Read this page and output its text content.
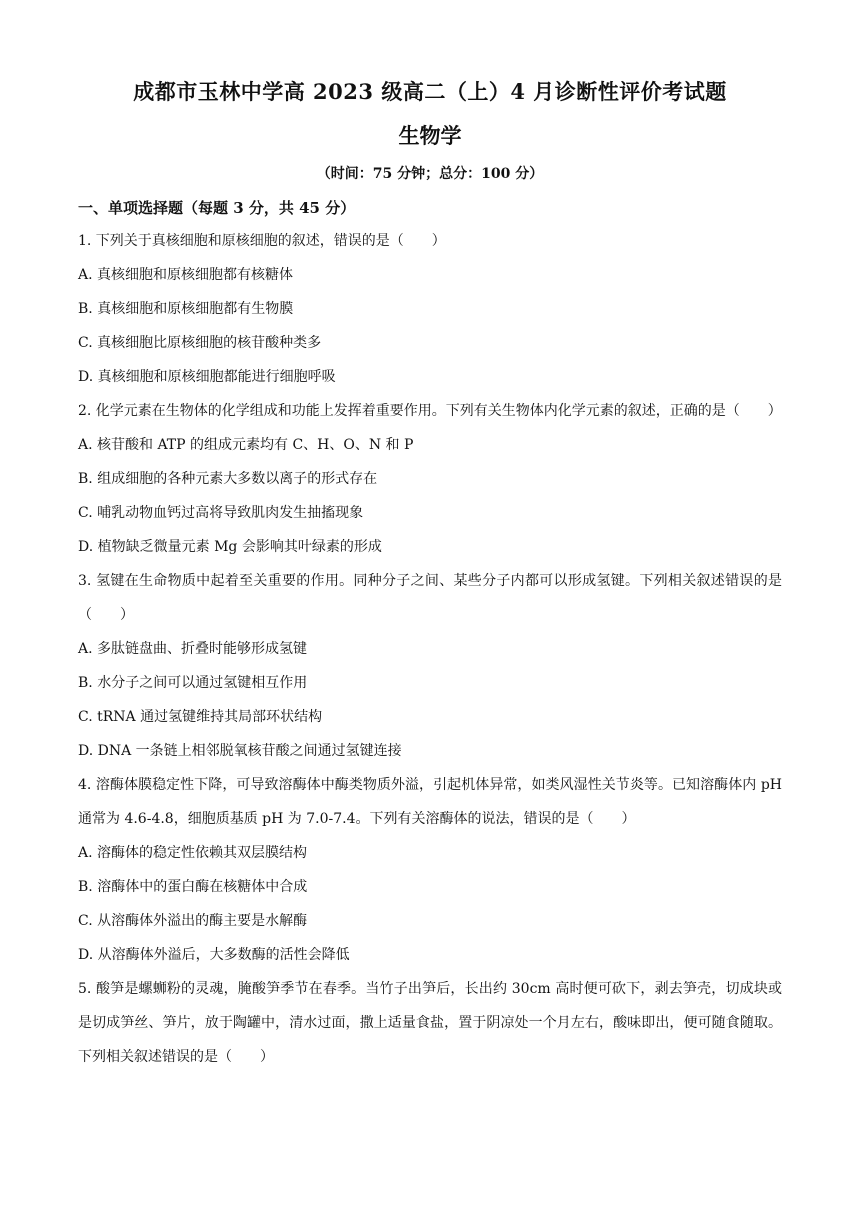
成都市玉林中学高 2023 级高二（上）4 月诊断性评价考试题
生物学
（时间：75 分钟；总分：100 分）
一、单项选择题（每题 3 分，共 45 分）

1. 下列关于真核细胞和原核细胞的叙述，错误的是（　　）

A. 真核细胞和原核细胞都有核糖体

B. 真核细胞和原核细胞都有生物膜

C. 真核细胞比原核细胞的核苷酸种类多

D. 真核细胞和原核细胞都能进行细胞呼吸

2. 化学元素在生物体的化学组成和功能上发挥着重要作用。下列有关生物体内化学元素的叙述，正确的是（　　）

A. 核苷酸和 ATP 的组成元素均有 C、H、O、N 和 P

B. 组成细胞的各种元素大多数以离子的形式存在

C. 哺乳动物血钙过高将导致肌肉发生抽搐现象

D. 植物缺乏微量元素 Mg 会影响其叶绿素的形成

3. 氢键在生命物质中起着至关重要的作用。同种分子之间、某些分子内都可以形成氢键。下列相关叙述错误的是（　　）

A. 多肽链盘曲、折叠时能够形成氢键

B. 水分子之间可以通过氢键相互作用

C. tRNA 通过氢键维持其局部环状结构

D. DNA 一条链上相邻脱氧核苷酸之间通过氢键连接

4. 溶酶体膜稳定性下降，可导致溶酶体中酶类物质外溢，引起机体异常，如类风湿性关节炎等。已知溶酶体内 pH 通常为 4.6-4.8，细胞质基质 pH 为 7.0-7.4。下列有关溶酶体的说法，错误的是（　　）

A. 溶酶体的稳定性依赖其双层膜结构

B. 溶酶体中的蛋白酶在核糖体中合成

C. 从溶酶体外溢出的酶主要是水解酶

D. 从溶酶体外溢后，大多数酶的活性会降低

5. 酸笋是螺蛳粉的灵魂，腌酸笋季节在春季。当竹子出笋后，长出约 30cm 高时便可砍下，剥去笋壳，切成块或是切成笋丝、笋片，放于陶罐中，清水过面，撒上适量食盐，置于阴凉处一个月左右，酸味即出，便可随食随取。下列相关叙述错误的是（　　）
